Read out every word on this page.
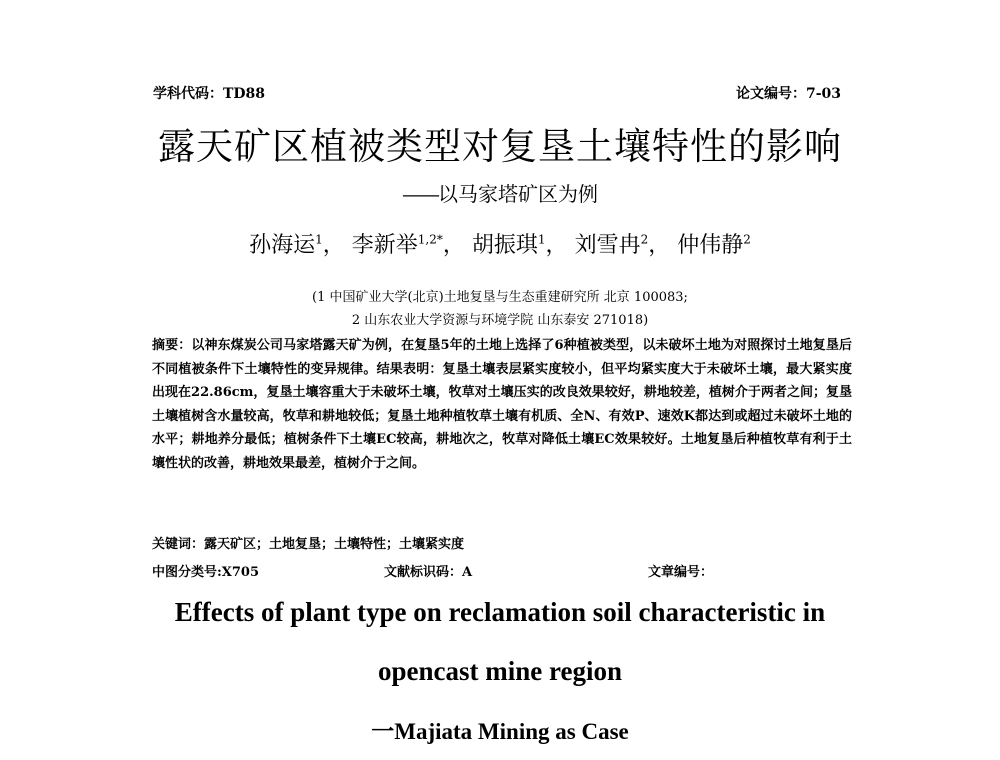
学科代码：TD88	论文编号：7-03
露天矿区植被类型对复垦土壤特性的影响
——以马家塔矿区为例
孙海运$^1$， 李新举$^{1,2*}$， 胡振琪$^1$， 刘雪冉$^2$， 仲伟静$^2$
(1 中国矿业大学(北京)土地复垦与生态重建研究所 北京 100083;
2 山东农业大学资源与环境学院 山东泰安 271018)
摘要：以神东煤炭公司马家塔露天矿为例，在复垦5年的土地上选择了6种植被类型，以未破坏土地为对照探讨土地复垦后不同植被条件下土壤特性的变异规律。结果表明：复垦土壤表层紧实度较小，但平均紧实度大于未破坏土壤，最大紧实度出现在22.86cm，复垦土壤容重大于未破坏土壤，牧草对土壤压实的改良效果较好，耕地较差，植树介于两者之间；复垦土壤植树含水量较高，牧草和耕地较低；复垦土地种植牧草土壤有机质、全N、有效P、速效K都达到或超过未破坏土地的水平；耕地养分最低；植树条件下土壤EC较高，耕地次之，牧草对降低土壤EC效果较好。土地复垦后种植牧草有利于土壤性状的改善，耕地效果最差，植树介于之间。
关键词：露天矿区；土地复垦；土壤特性；土壤紧实度
中图分类号:X705	文献标识码：A	文章编号：
Effects of plant type on reclamation soil characteristic in
opencast mine region
一Majiata Mining as Case
